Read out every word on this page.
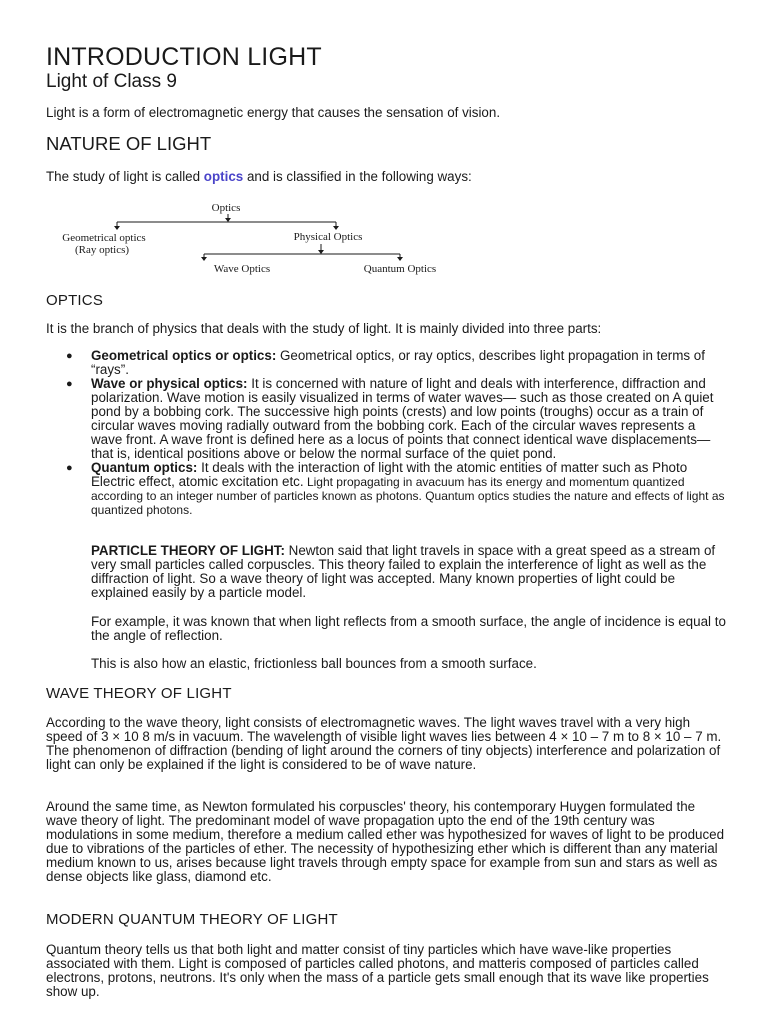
INTRODUCTION LIGHT
Light of Class 9
Light is a form of electromagnetic energy that causes the sensation of vision.
NATURE OF LIGHT
The study of light is called optics and is classified in the following ways:
Optics
Geometrical optics
(Ray optics)
Physical Optics
Wave Optics	Quantum Optics
OPTICS
It is the branch of physics that deals with the study of light. It is mainly divided into three parts:
● Geometrical optics or optics: Geometrical optics, or ray optics, describes light propagation in terms of “rays”.
● Wave or physical optics: It is concerned with nature of light and deals with interference, diffraction and polarization. Wave motion is easily visualized in terms of water waves— such as those created on A quiet pond by a bobbing cork. The successive high points (crests) and low points (troughs) occur as a train of circular waves moving radially outward from the bobbing cork. Each of the circular waves represents a wave front. A wave front is defined here as a locus of points that connect identical wave displacements—that is, identical positions above or below the normal surface of the quiet pond.
● Quantum optics: It deals with the interaction of light with the atomic entities of matter such as Photo Electric effect, atomic excitation etc. Light propagating in avacuum has its energy and momentum quantized according to an integer number of particles known as photons. Quantum optics studies the nature and effects of light as quantized photons.
PARTICLE THEORY OF LIGHT: Newton said that light travels in space with a great speed as a stream of very small particles called corpuscles. This theory failed to explain the interference of light as well as the diffraction of light. So a wave theory of light was accepted. Many known properties of light could be explained easily by a particle model.
For example, it was known that when light reflects from a smooth surface, the angle of incidence is equal to the angle of reflection.
This is also how an elastic, frictionless ball bounces from a smooth surface.
WAVE THEORY OF LIGHT
According to the wave theory, light consists of electromagnetic waves. The light waves travel with a very high speed of 3 × 10 8 m/s in vacuum. The wavelength of visible light waves lies between 4 × 10 – 7 m to 8 × 10 – 7 m. The phenomenon of diffraction (bending of light around the corners of tiny objects) interference and polarization of light can only be explained if the light is considered to be of wave nature.
Around the same time, as Newton formulated his corpuscles' theory, his contemporary Huygen formulated the wave theory of light. The predominant model of wave propagation upto the end of the 19th century was modulations in some medium, therefore a medium called ether was hypothesized for waves of light to be produced due to vibrations of the particles of ether. The necessity of hypothesizing ether which is different than any material medium known to us, arises because light travels through empty space for example from sun and stars as well as dense objects like glass, diamond etc.
MODERN QUANTUM THEORY OF LIGHT
Quantum theory tells us that both light and matter consist of tiny particles which have wave-like properties associated with them. Light is composed of particles called photons, and matteris composed of particles called electrons, protons, neutrons. It's only when the mass of a particle gets small enough that its wave like properties show up.
